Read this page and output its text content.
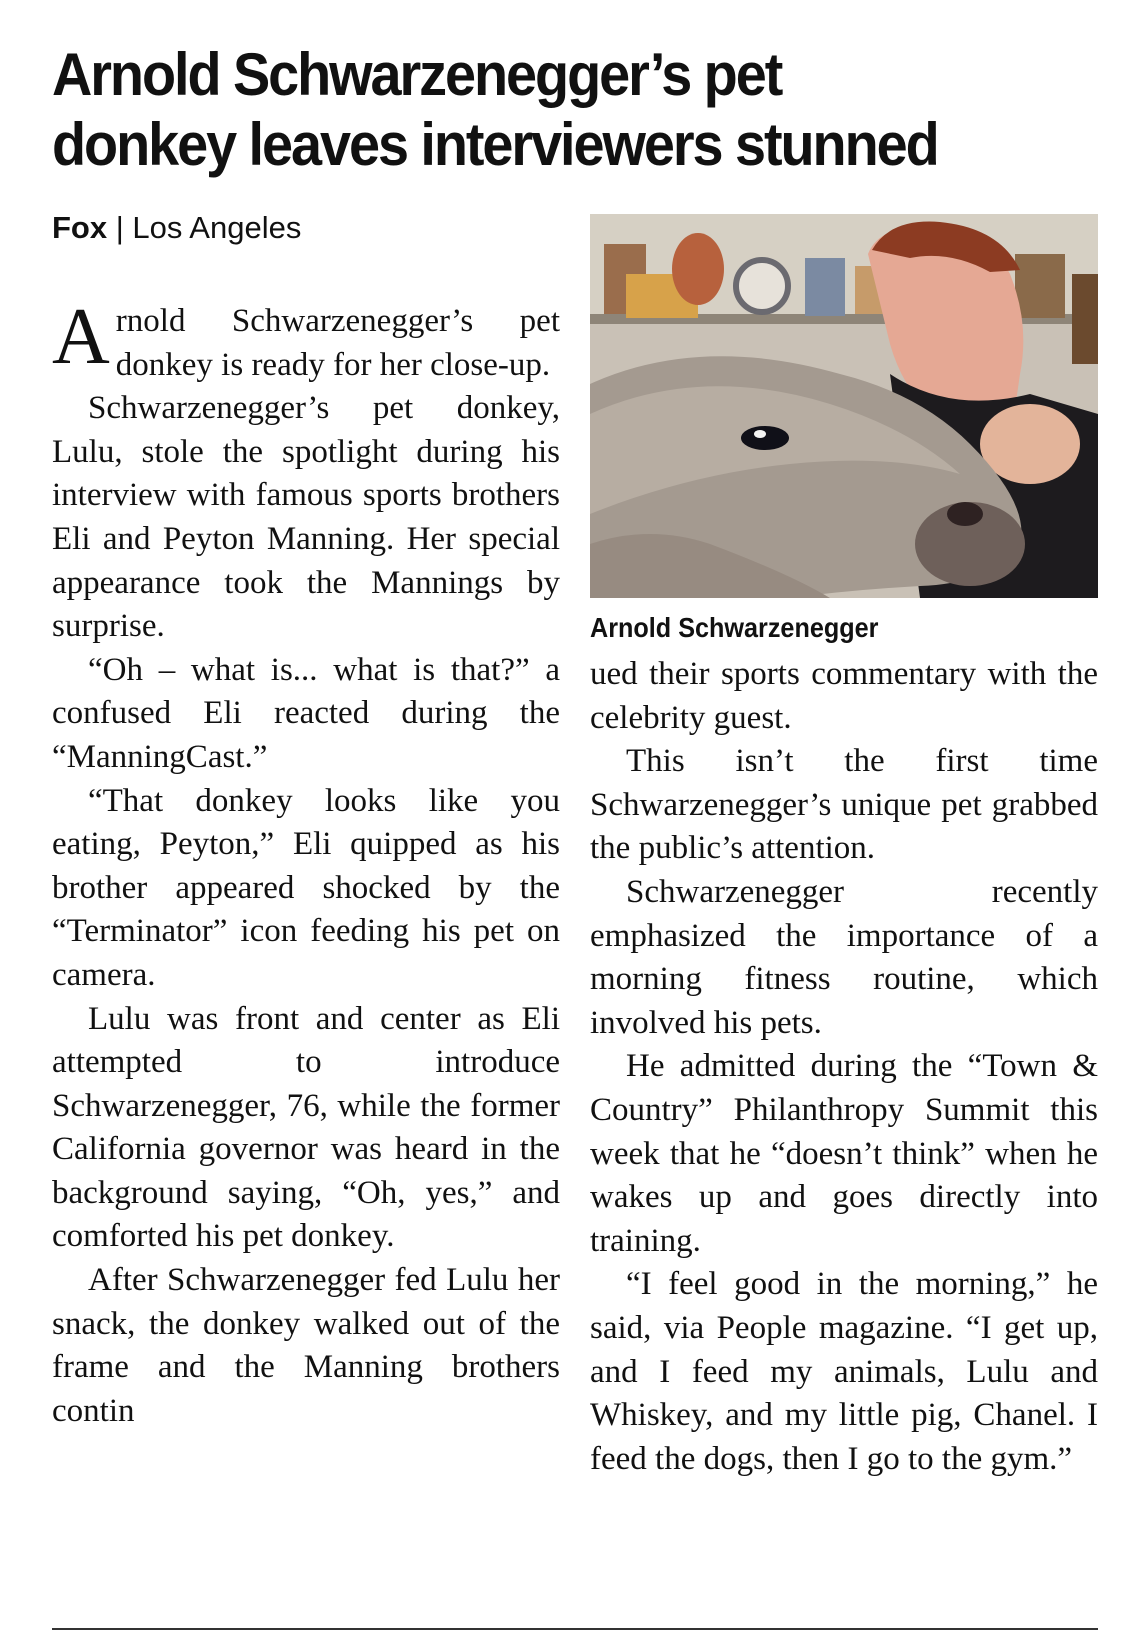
Arnold Schwarzenegger’s pet
donkey leaves interviewers stunned
Fox | Los Angeles

Arnold Schwarzenegger’s pet donkey is ready for her close-up.

Schwarzenegger’s pet donkey, Lulu, stole the spotlight during his interview with famous sports brothers Eli and Peyton Manning. Her special appearance took the Mannings by surprise.

“Oh – what is... what is that?” a confused Eli reacted during the “ManningCast.”

“That donkey looks like you eating, Peyton,” Eli quipped as his brother appeared shocked by the “Terminator” icon feeding his pet on camera.

Lulu was front and center as Eli attempted to introduce Schwarzenegger, 76, while the former California governor was heard in the background saying, “Oh, yes,” and comforted his pet donkey.

After Schwarzenegger fed Lulu her snack, the donkey walked out of the frame and the Manning brothers contin

Arnold Schwarzenegger

ued their sports commentary with the celebrity guest.

This isn’t the first time Schwarzenegger’s unique pet grabbed the public’s attention.

Schwarzenegger recently emphasized the importance of a morning fitness routine, which involved his pets.

He admitted during the “Town & Country” Philanthropy Summit this week that he “doesn’t think” when he wakes up and goes directly into training.

“I feel good in the morning,” he said, via People magazine. “I get up, and I feed my animals, Lulu and Whiskey, and my little pig, Chanel. I feed the dogs, then I go to the gym.”
